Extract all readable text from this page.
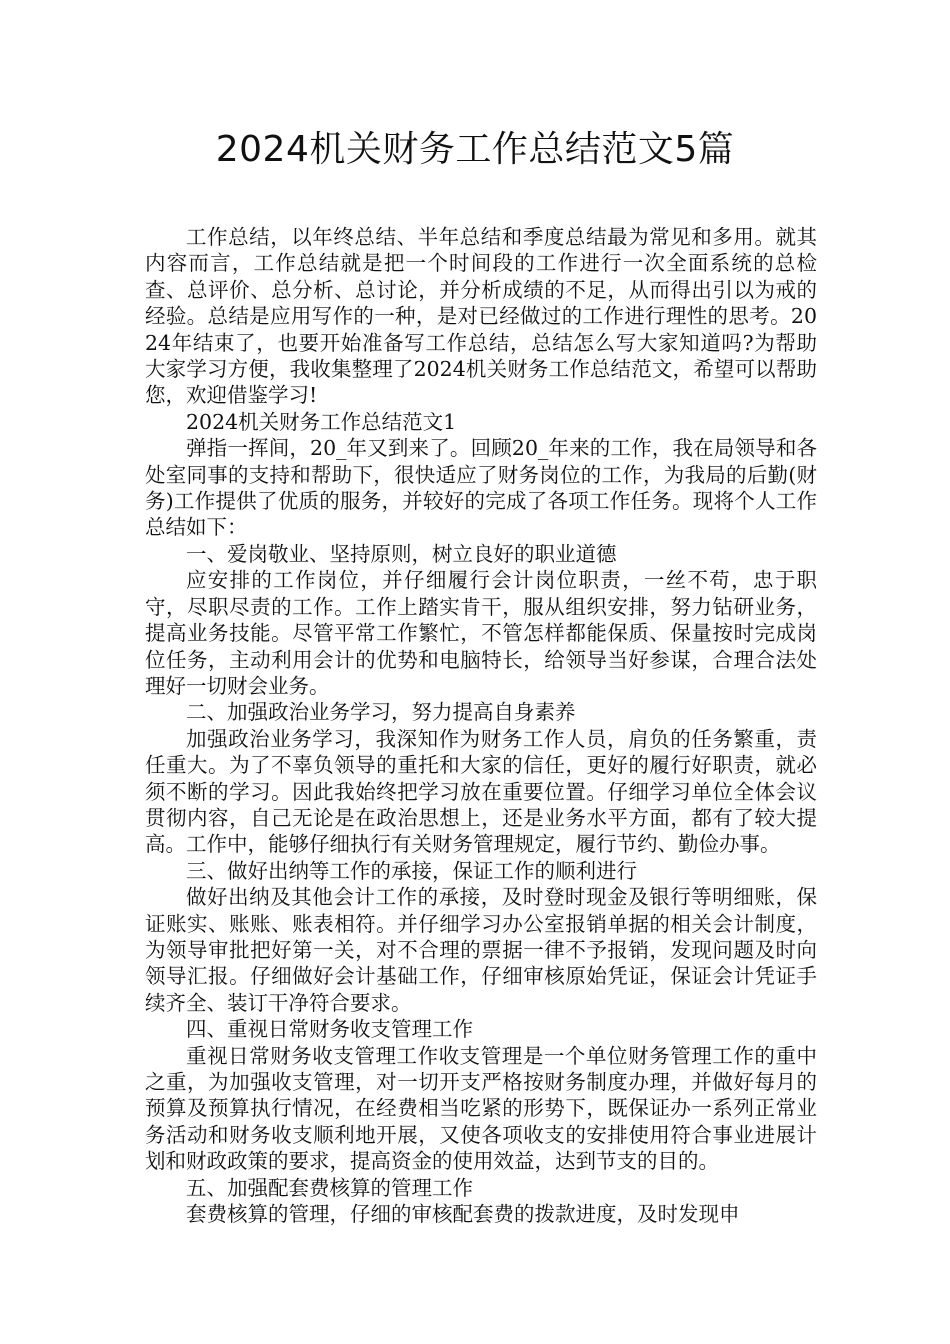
2024机关财务工作总结范文5篇

工作总结，以年终总结、半年总结和季度总结最为常见和多用。就其内容而言，工作总结就是把一个时间段的工作进行一次全面系统的总检查、总评价、总分析、总讨论，并分析成绩的不足，从而得出引以为戒的经验。总结是应用写作的一种，是对已经做过的工作进行理性的思考。2024年结束了，也要开始准备写工作总结，总结怎么写大家知道吗?为帮助大家学习方便，我收集整理了2024机关财务工作总结范文，希望可以帮助您，欢迎借鉴学习!

2024机关财务工作总结范文1

弹指一挥间，20_年又到来了。回顾20_年来的工作，我在局领导和各处室同事的支持和帮助下，很快适应了财务岗位的工作，为我局的后勤(财务)工作提供了优质的服务，并较好的完成了各项工作任务。现将个人工作总结如下：

一、爱岗敬业、坚持原则，树立良好的职业道德

应安排的工作岗位，并仔细履行会计岗位职责，一丝不苟，忠于职守，尽职尽责的工作。工作上踏实肯干，服从组织安排，努力钻研业务，提高业务技能。尽管平常工作繁忙，不管怎样都能保质、保量按时完成岗位任务，主动利用会计的优势和电脑特长，给领导当好参谋，合理合法处理好一切财会业务。

二、加强政治业务学习，努力提高自身素养

加强政治业务学习，我深知作为财务工作人员，肩负的任务繁重，责任重大。为了不辜负领导的重托和大家的信任，更好的履行好职责，就必须不断的学习。因此我始终把学习放在重要位置。仔细学习单位全体会议贯彻内容，自己无论是在政治思想上，还是业务水平方面，都有了较大提高。工作中，能够仔细执行有关财务管理规定，履行节约、勤俭办事。

三、做好出纳等工作的承接，保证工作的顺利进行

做好出纳及其他会计工作的承接，及时登时现金及银行等明细账，保证账实、账账、账表相符。并仔细学习办公室报销单据的相关会计制度，为领导审批把好第一关，对不合理的票据一律不予报销，发现问题及时向领导汇报。仔细做好会计基础工作，仔细审核原始凭证，保证会计凭证手续齐全、装订干净符合要求。

四、重视日常财务收支管理工作

重视日常财务收支管理工作收支管理是一个单位财务管理工作的重中之重，为加强收支管理，对一切开支严格按财务制度办理，并做好每月的预算及预算执行情况，在经费相当吃紧的形势下，既保证办一系列正常业务活动和财务收支顺利地开展，又使各项收支的安排使用符合事业进展计划和财政政策的要求，提高资金的使用效益，达到节支的目的。

五、加强配套费核算的管理工作

套费核算的管理，仔细的审核配套费的拨款进度，及时发现申
